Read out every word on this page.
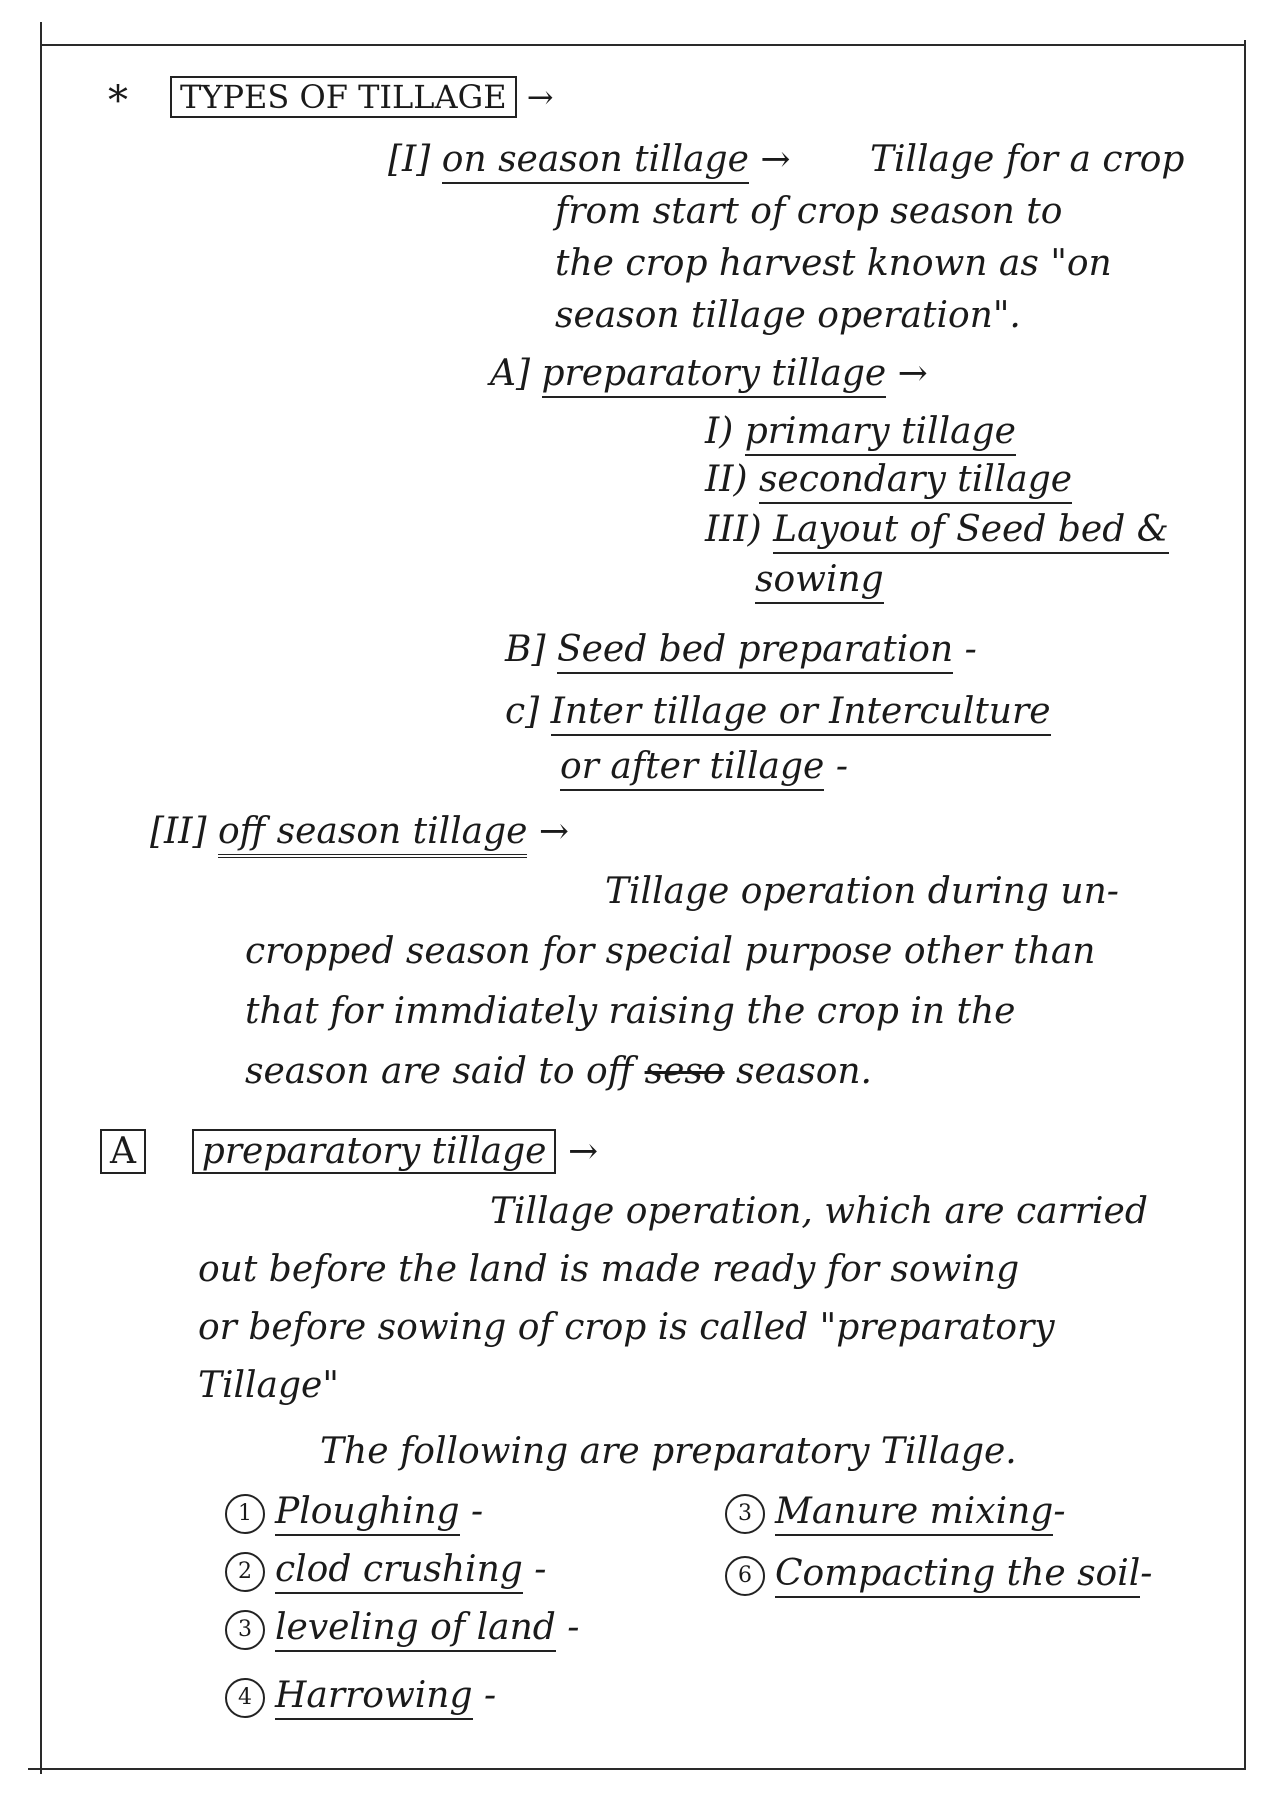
*	TYPES OF TILLAGE →
[I] on season tillage → Tillage for a crop
from start of crop season to
the crop harvest known as "on
season tillage operation".
A] preparatory tillage →
I) primary tillage
II) secondary tillage
III) Layout of Seed bed &
sowing
B] Seed bed preparation -
c] Inter tillage or Interculture
or after tillage -
[II] off season tillage →
Tillage operation during un-
cropped season for special purpose other than
that for immdiately raising the crop in the
season are said to off seso season.
A preparatory tillage →
Tillage operation, which are carried
out before the land is made ready for sowing
or before sowing of crop is called "preparatory
Tillage"
The following are preparatory Tillage.
1 Ploughing -
2 clod crushing -
3 leveling of land -
4 Harrowing -
3 Manure mixing-
6 Compacting the soil-
